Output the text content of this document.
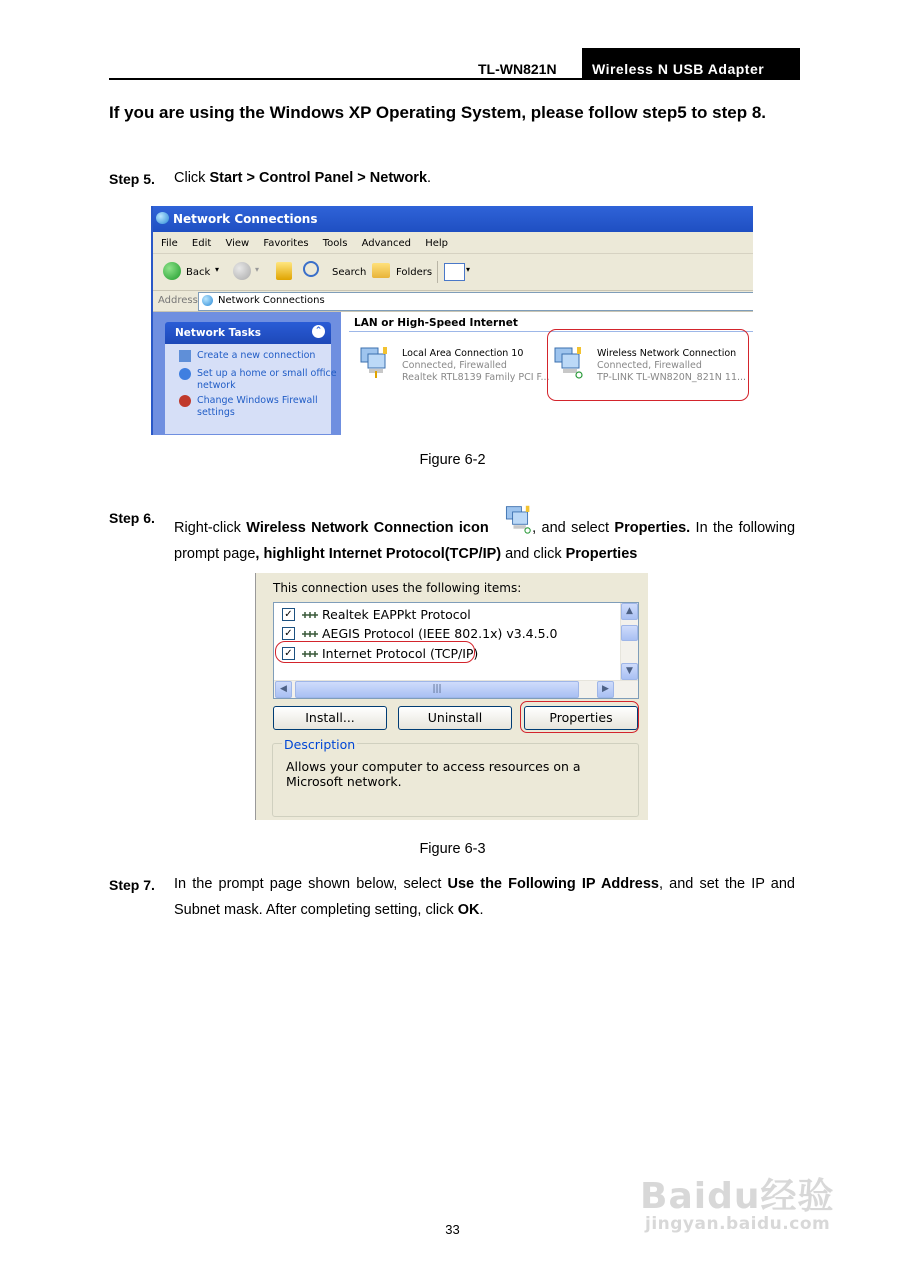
TL-WN821N	Wireless N USB Adapter
If you are using the Windows XP Operating System, please follow step5 to step 8.
Step 5. Click Start > Control Panel > Network.
Network Connections
File Edit View Favorites Tools Advanced Help
Back ▾	▾	Search	Folders	▾
Address Network Connections
Network Tasks	⌃
Create a new connection
Set up a home or small office network
Change Windows Firewall settings
LAN or High-Speed Internet
Local Area Connection 10
Connected, Firewalled
Realtek RTL8139 Family PCI F...
Wireless Network Connection
Connected, Firewalled
TP-LINK TL-WN820N_821N 11...
Figure 6-2
Step 6.
Right-click Wireless Network Connection icon	, and select Properties. In the following prompt page, highlight Internet Protocol(TCP/IP) and click Properties
This connection uses the following items:
✓ Realtek EAPPkt Protocol
✓ AEGIS Protocol (IEEE 802.1x) v3.4.5.0
✓ Internet Protocol (TCP/IP)
▲
▼
◀	|||	▶
Install...	Uninstall	Properties
Description
Allows your computer to access resources on a Microsoft network.
Figure 6-3
Step 7. In the prompt page shown below, select Use the Following IP Address, and set the IP and Subnet mask. After completing setting, click OK.
Baidu经验
jingyan.baidu.com
33
